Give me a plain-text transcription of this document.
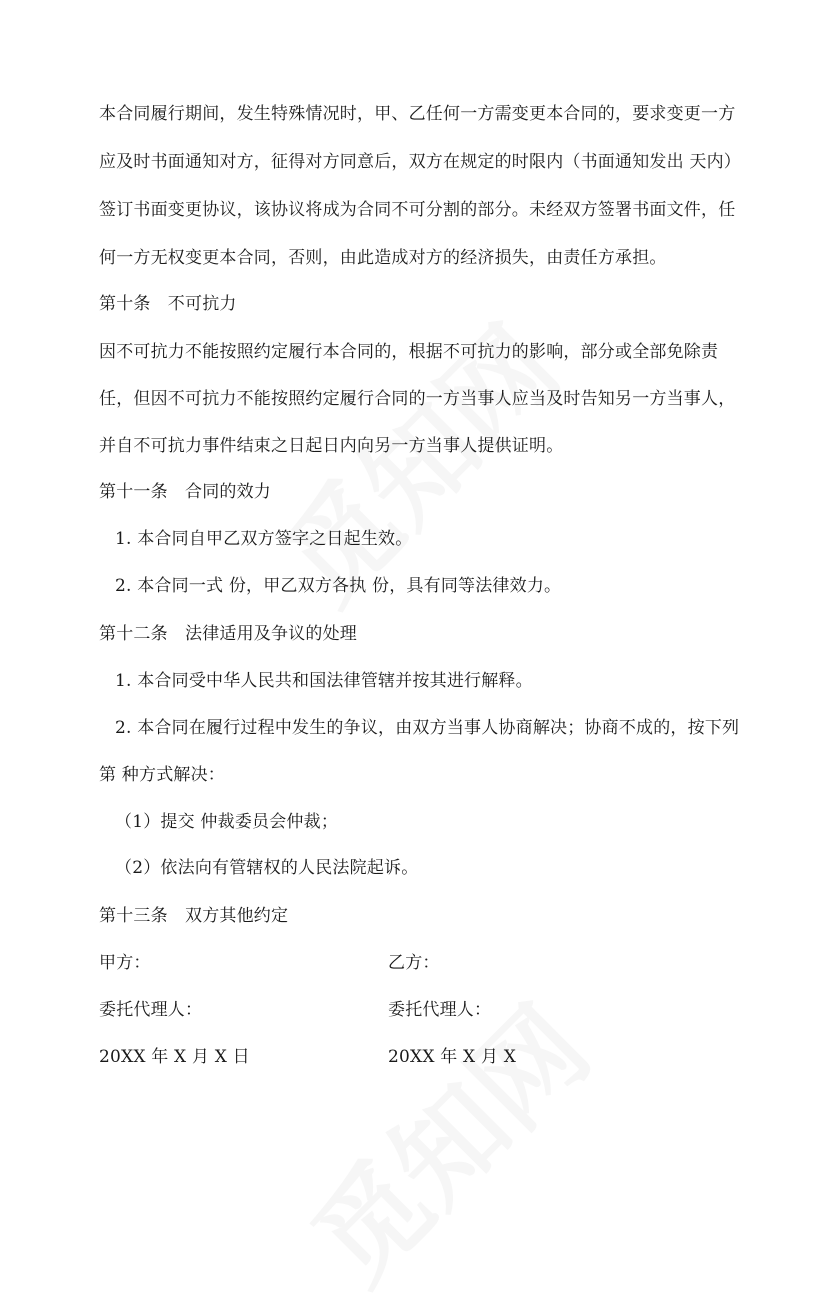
本合同履行期间，发生特殊情况时，甲、乙任何一方需变更本合同的，要求变更一方
应及时书面通知对方，征得对方同意后，双方在规定的时限内（书面通知发出 天内）
签订书面变更协议，该协议将成为合同不可分割的部分。未经双方签署书面文件，任
何一方无权变更本合同，否则，由此造成对方的经济损失，由责任方承担。
第十条　不可抗力
因不可抗力不能按照约定履行本合同的，根据不可抗力的影响，部分或全部免除责
任，但因不可抗力不能按照约定履行合同的一方当事人应当及时告知另一方当事人，
并自不可抗力事件结束之日起日内向另一方当事人提供证明。
第十一条　合同的效力
1. 本合同自甲乙双方签字之日起生效。
2. 本合同一式 份，甲乙双方各执 份，具有同等法律效力。
第十二条　法律适用及争议的处理
1. 本合同受中华人民共和国法律管辖并按其进行解释。
2. 本合同在履行过程中发生的争议，由双方当事人协商解决；协商不成的，按下列
第 种方式解决：
（1）提交 仲裁委员会仲裁；
（2）依法向有管辖权的人民法院起诉。
第十三条　双方其他约定
甲方：	乙方：
委托代理人：	委托代理人：
20XX 年 X 月 X 日	20XX 年 X 月 X
